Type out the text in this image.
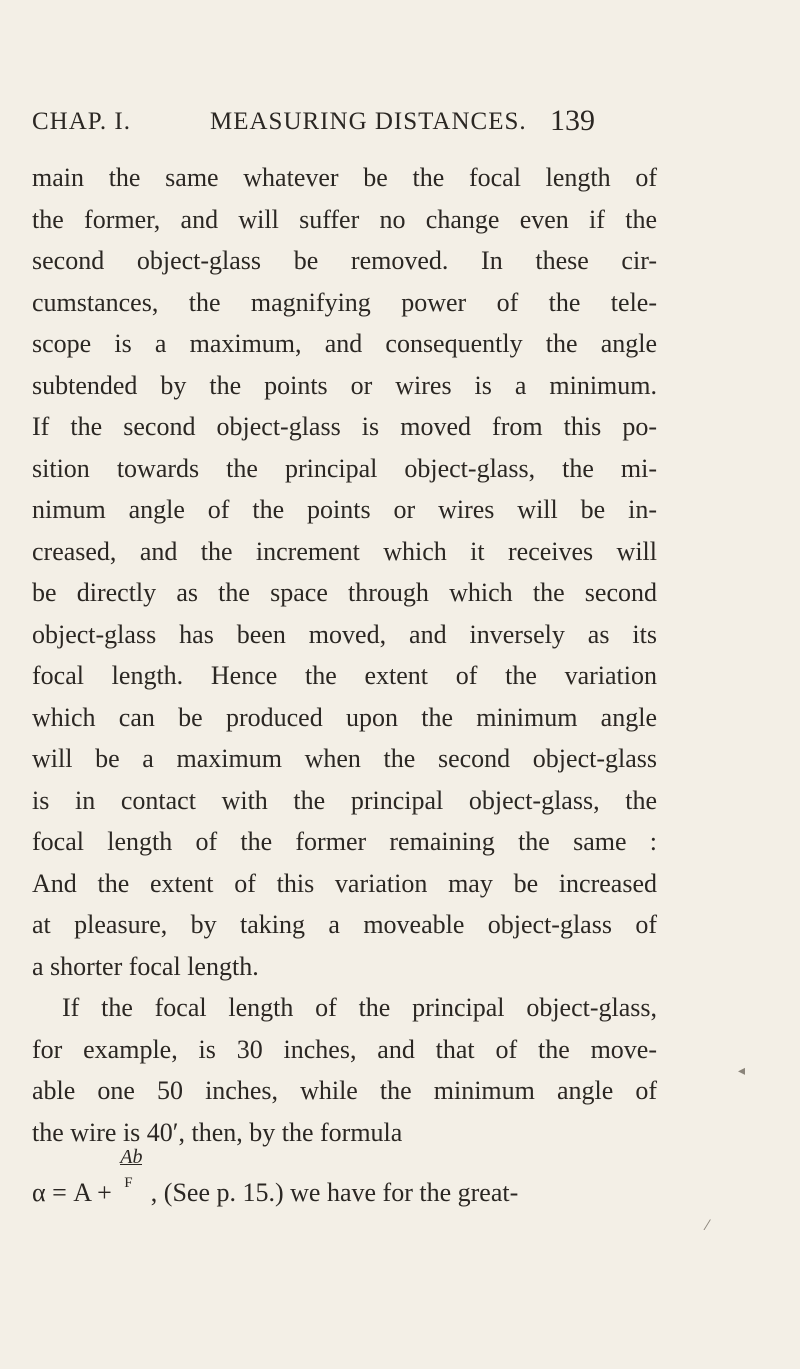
CHAP. I.	MEASURING DISTANCES. 139
main the same whatever be the focal length of
the former, and will suffer no change even if the
second object-glass be removed. In these cir-
cumstances, the magnifying power of the tele-
scope is a maximum, and consequently the angle
subtended by the points or wires is a minimum.
If the second object-glass is moved from this po-
sition towards the principal object-glass, the mi-
nimum angle of the points or wires will be in-
creased, and the increment which it receives will
be directly as the space through which the second
object-glass has been moved, and inversely as its
focal length. Hence the extent of the variation
which can be produced upon the minimum angle
will be a maximum when the second object-glass
is in contact with the principal object-glass, the
focal length of the former remaining the same :
And the extent of this variation may be increased
at pleasure, by taking a moveable object-glass of
a shorter focal length.
If the focal length of the principal object-glass,
for example, is 30 inches, and that of the move-
able one 50 inches, while the minimum angle of
the wire is 40′, then, by the formula
α = A +
Ab
F , (See p. 15.) we have for the great-
◂
⁄
